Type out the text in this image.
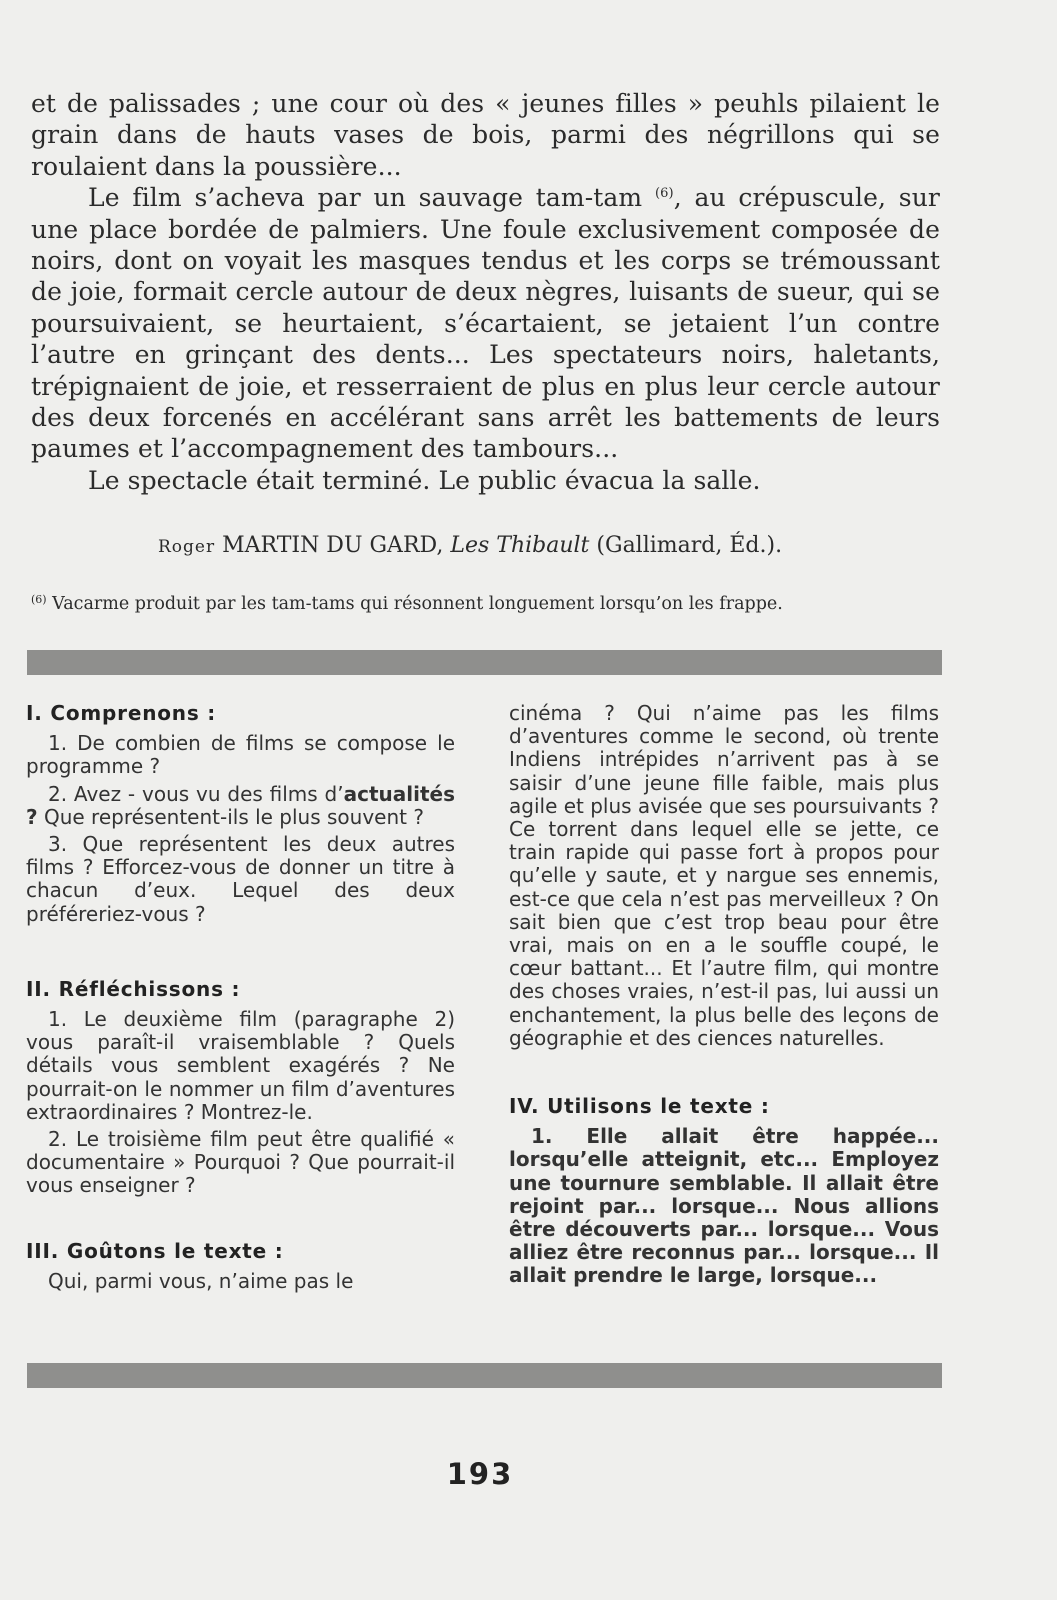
et de palissades ; une cour où des « jeunes filles » peuhls pilaient le grain dans de hauts vases de bois, parmi des négrillons qui se roulaient dans la poussière...

Le film s’acheva par un sauvage tam-tam $^{(6)}$, au crépuscule, sur une place bordée de palmiers. Une foule exclusivement composée de noirs, dont on voyait les masques tendus et les corps se trémoussant de joie, formait cercle autour de deux nègres, luisants de sueur, qui se poursuivaient, se heurtaient, s’écartaient, se jetaient l’un contre l’autre en grinçant des dents... Les spectateurs noirs, haletants, trépignaient de joie, et resserraient de plus en plus leur cercle autour des deux forcenés en accélérant sans arrêt les battements de leurs paumes et l’accompagnement des tambours...

Le spectacle était terminé. Le public évacua la salle.

Roger MARTIN DU GARD, Les Thibault (Gallimard, Éd.).
$^{(6)}$ Vacarme produit par les tam-tams qui résonnent longuement lorsqu’on les frappe.
I. Comprenons :

1. De combien de films se compose le programme ?

2. Avez - vous vu des films d’actualités ? Que représentent-ils le plus souvent ?

3. Que représentent les deux autres films ? Efforcez-vous de donner un titre à chacun d’eux. Lequel des deux préféreriez-vous ?

II. Réfléchissons :

1. Le deuxième film (paragraphe 2) vous paraît-il vraisemblable ? Quels détails vous semblent exagérés ? Ne pourrait-on le nommer un film d’aventures extraordinaires ? Montrez-le.

2. Le troisième film peut être qualifié « documentaire » Pourquoi ? Que pourrait-il vous enseigner ?

III. Goûtons le texte :

Qui, parmi vous, n’aime pas le

cinéma ? Qui n’aime pas les films d’aventures comme le second, où trente Indiens intrépides n’arrivent pas à se saisir d’une jeune fille faible, mais plus agile et plus avisée que ses poursuivants ? Ce torrent dans lequel elle se jette, ce train rapide qui passe fort à propos pour qu’elle y saute, et y nargue ses ennemis, est-ce que cela n’est pas merveilleux ? On sait bien que c’est trop beau pour être vrai, mais on en a le souffle coupé, le cœur battant... Et l’autre film, qui montre des choses vraies, n’est-il pas, lui aussi un enchantement, la plus belle des leçons de géographie et des ciences naturelles.

IV. Utilisons le texte :

1. Elle allait être happée... lorsqu’elle atteignit, etc... Employez une tournure semblable. Il allait être rejoint par... lorsque... Nous allions être découverts par... lorsque... Vous alliez être reconnus par... lorsque... Il allait prendre le large, lorsque...

193
